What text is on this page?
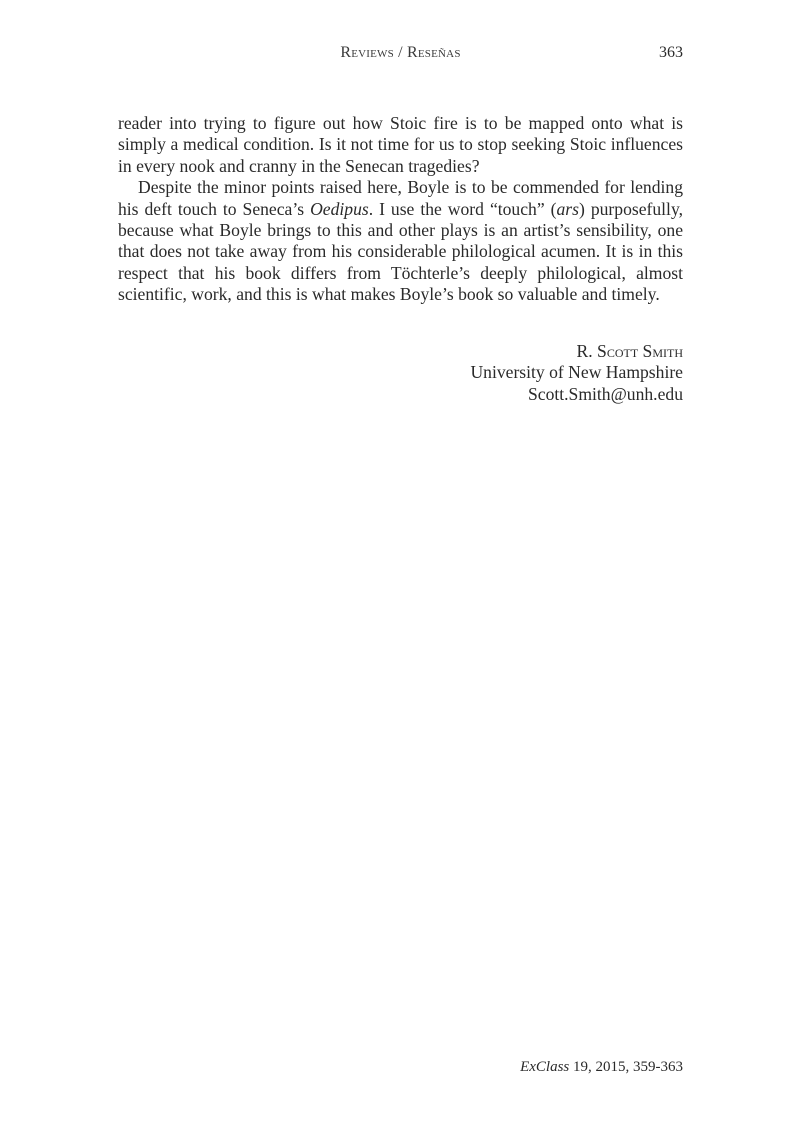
Reviews / Reseñas	363

reader into trying to figure out how Stoic fire is to be mapped onto what is simply a medical condition. Is it not time for us to stop seeking Stoic influences in every nook and cranny in the Senecan tragedies?

Despite the minor points raised here, Boyle is to be commended for lending his deft touch to Seneca’s Oedipus. I use the word “touch” (ars) purposefully, because what Boyle brings to this and other plays is an artist’s sensibility, one that does not take away from his considerable philological acumen. It is in this respect that his book differs from Töchterle’s deeply philological, almost scientific, work, and this is what makes Boyle’s book so valuable and timely.

R. Scott Smith
University of New Hampshire
Scott.Smith@unh.edu
ExClass 19, 2015, 359-363
